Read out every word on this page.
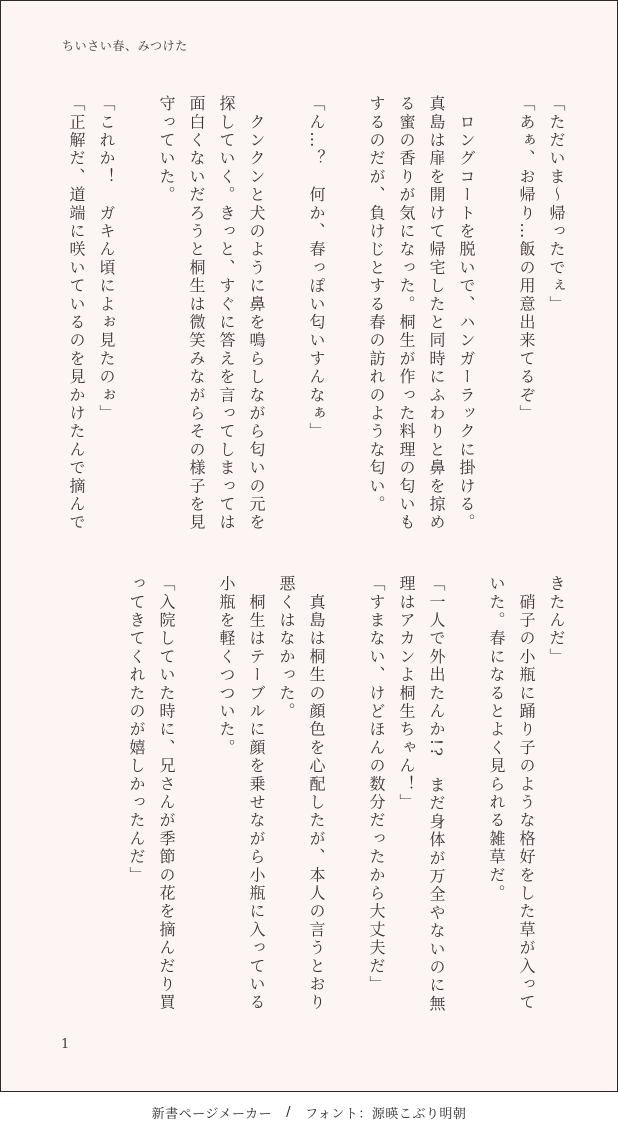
ちいさい春、みつけた
「ただいま〜帰ったでぇ」
「あぁ、お帰り…飯の用意出来てるぞ」

　ロングコートを脱いで、ハンガーラックに掛ける。
真島は扉を開けて帰宅したと同時にふわりと鼻を掠め
る蜜の香りが気になった。桐生が作った料理の匂いも
するのだが、負けじとする春の訪れのような匂い。

「ん…？　何か、春っぽい匂いすんなぁ」

　クンクンと犬のように鼻を鳴らしながら匂いの元を
探していく。きっと、すぐに答えを言ってしまっては
面白くないだろうと桐生は微笑みながらその様子を見
守っていた。

「これか！　ガキん頃によぉ見たのぉ」
「正解だ、道端に咲いているのを見かけたんで摘んで
きたんだ」
　硝子の小瓶に踊り子のような格好をした草が入って
いた。春になるとよく見られる雑草だ。

「一人で外出たんか!?　まだ身体が万全やないのに無
理はアカンよ桐生ちゃん！」
「すまない、けどほんの数分だったから大丈夫だ」

　真島は桐生の顔色を心配したが、本人の言うとおり
悪くはなかった。
　桐生はテーブルに顔を乗せながら小瓶に入っている
小瓶を軽くつついた。

「入院していた時に、兄さんが季節の花を摘んだり買
ってきてくれたのが嬉しかったんだ」
1
新書ページメーカー / フォント：源暎こぶり明朝
